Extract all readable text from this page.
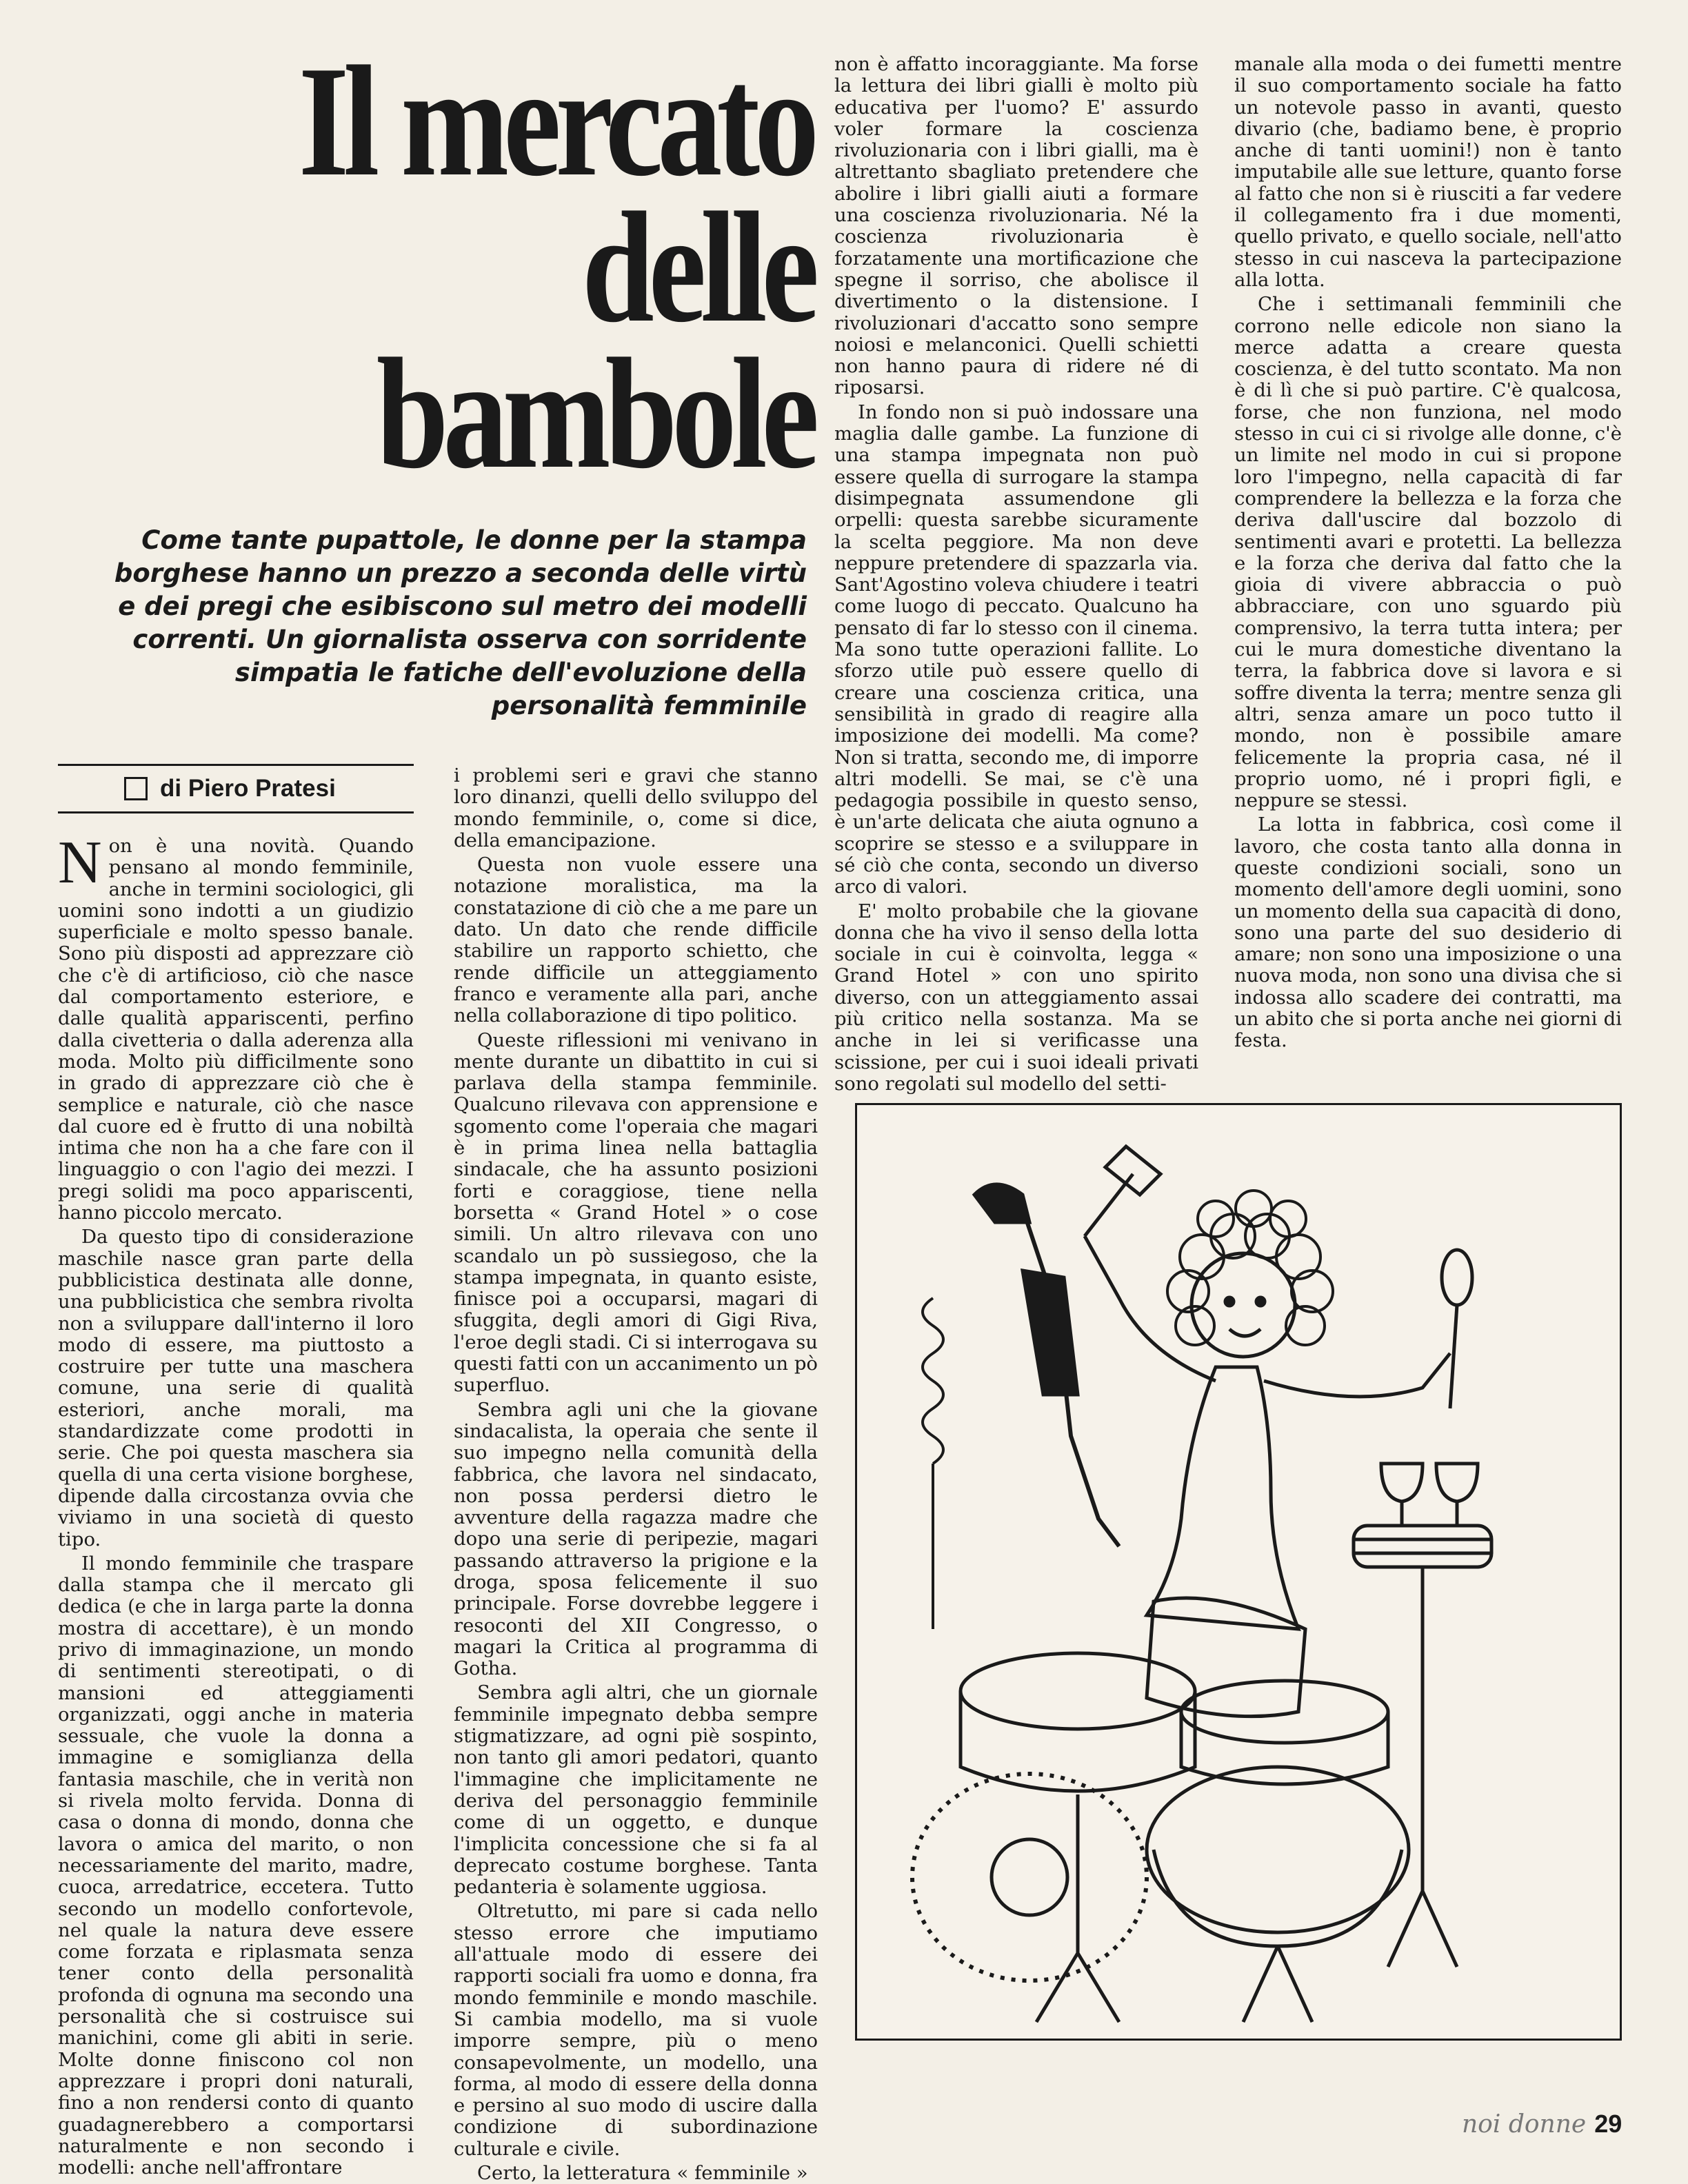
Il mercato
delle
bambole
Come tante pupattole, le donne per la stampa borghese hanno un prezzo a seconda delle virtù e dei pregi che esibiscono sul metro dei modelli correnti. Un giornalista osserva con sorridente simpatia le fatiche dell'evoluzione della personalità femminile
di Piero Pratesi

Non è una novità. Quando pensano al mondo femminile, anche in termini sociologici, gli uomini sono indotti a un giudizio superficiale e molto spesso banale. Sono più disposti ad apprezzare ciò che c'è di artificioso, ciò che nasce dal comportamento esteriore, e dalle qualità appariscenti, perfino dalla civetteria o dalla aderenza alla moda. Molto più difficilmente sono in grado di apprezzare ciò che è semplice e naturale, ciò che nasce dal cuore ed è frutto di una nobiltà intima che non ha a che fare con il linguaggio o con l'agio dei mezzi. I pregi solidi ma poco appariscenti, hanno piccolo mercato.

Da questo tipo di considerazione maschile nasce gran parte della pubblicistica destinata alle donne, una pubblicistica che sembra rivolta non a sviluppare dall'interno il loro modo di essere, ma piuttosto a costruire per tutte una maschera comune, una serie di qualità esteriori, anche morali, ma standardizzate come prodotti in serie. Che poi questa maschera sia quella di una certa visione borghese, dipende dalla circostanza ovvia che viviamo in una società di questo tipo.

Il mondo femminile che traspare dalla stampa che il mercato gli dedica (e che in larga parte la donna mostra di accettare), è un mondo privo di immaginazione, un mondo di sentimenti stereotipati, o di mansioni ed atteggiamenti organizzati, oggi anche in materia sessuale, che vuole la donna a immagine e somiglianza della fantasia maschile, che in verità non si rivela molto fervida. Donna di casa o donna di mondo, donna che lavora o amica del marito, o non necessariamente del marito, madre, cuoca, arredatrice, eccetera. Tutto secondo un modello confortevole, nel quale la natura deve essere come forzata e riplasmata senza tener conto della personalità profonda di ognuna ma secondo una personalità che si costruisce sui manichini, come gli abiti in serie. Molte donne finiscono col non apprezzare i propri doni naturali, fino a non rendersi conto di quanto guadagnerebbero a comportarsi naturalmente e non secondo i modelli: anche nell'affrontare

i problemi seri e gravi che stanno loro dinanzi, quelli dello sviluppo del mondo femminile, o, come si dice, della emancipazione.

Questa non vuole essere una notazione moralistica, ma la constatazione di ciò che a me pare un dato. Un dato che rende difficile stabilire un rapporto schietto, che rende difficile un atteggiamento franco e veramente alla pari, anche nella collaborazione di tipo politico.

Queste riflessioni mi venivano in mente durante un dibattito in cui si parlava della stampa femminile. Qualcuno rilevava con apprensione e sgomento come l'operaia che magari è in prima linea nella battaglia sindacale, che ha assunto posizioni forti e coraggiose, tiene nella borsetta « Grand Hotel » o cose simili. Un altro rilevava con uno scandalo un pò sussiegoso, che la stampa impegnata, in quanto esiste, finisce poi a occuparsi, magari di sfuggita, degli amori di Gigi Riva, l'eroe degli stadi. Ci si interrogava su questi fatti con un accanimento un pò superfluo.

Sembra agli uni che la giovane sindacalista, la operaia che sente il suo impegno nella comunità della fabbrica, che lavora nel sindacato, non possa perdersi dietro le avventure della ragazza madre che dopo una serie di peripezie, magari passando attraverso la prigione e la droga, sposa felicemente il suo principale. Forse dovrebbe leggere i resoconti del XII Congresso, o magari la Critica al programma di Gotha.

Sembra agli altri, che un giornale femminile impegnato debba sempre stigmatizzare, ad ogni piè sospinto, non tanto gli amori pedatori, quanto l'immagine che implicitamente ne deriva del personaggio femminile come di un oggetto, e dunque l'implicita concessione che si fa al deprecato costume borghese. Tanta pedanteria è solamente uggiosa.

Oltretutto, mi pare si cada nello stesso errore che imputiamo all'attuale modo di essere dei rapporti sociali fra uomo e donna, fra mondo femminile e mondo maschile. Si cambia modello, ma si vuole imporre sempre, più o meno consapevolmente, un modello, una forma, al modo di essere della donna e persino al suo modo di uscire dalla condizione di subordinazione culturale e civile.

Certo, la letteratura « femminile »

non è affatto incoraggiante. Ma forse la lettura dei libri gialli è molto più educativa per l'uomo? E' assurdo voler formare la coscienza rivoluzionaria con i libri gialli, ma è altrettanto sbagliato pretendere che abolire i libri gialli aiuti a formare una coscienza rivoluzionaria. Né la coscienza rivoluzionaria è forzatamente una mortificazione che spegne il sorriso, che abolisce il divertimento o la distensione. I rivoluzionari d'accatto sono sempre noiosi e melanconici. Quelli schietti non hanno paura di ridere né di riposarsi.

In fondo non si può indossare una maglia dalle gambe. La funzione di una stampa impegnata non può essere quella di surrogare la stampa disimpegnata assumendone gli orpelli: questa sarebbe sicuramente la scelta peggiore. Ma non deve neppure pretendere di spazzarla via. Sant'Agostino voleva chiudere i teatri come luogo di peccato. Qualcuno ha pensato di far lo stesso con il cinema. Ma sono tutte operazioni fallite. Lo sforzo utile può essere quello di creare una coscienza critica, una sensibilità in grado di reagire alla imposizione dei modelli. Ma come? Non si tratta, secondo me, di imporre altri modelli. Se mai, se c'è una pedagogia possibile in questo senso, è un'arte delicata che aiuta ognuno a scoprire se stesso e a sviluppare in sé ciò che conta, secondo un diverso arco di valori.

E' molto probabile che la giovane donna che ha vivo il senso della lotta sociale in cui è coinvolta, legga « Grand Hotel » con uno spirito diverso, con un atteggiamento assai più critico nella sostanza. Ma se anche in lei si verificasse una scissione, per cui i suoi ideali privati sono regolati sul modello del setti-

manale alla moda o dei fumetti mentre il suo comportamento sociale ha fatto un notevole passo in avanti, questo divario (che, badiamo bene, è proprio anche di tanti uomini!) non è tanto imputabile alle sue letture, quanto forse al fatto che non si è riusciti a far vedere il collegamento fra i due momenti, quello privato, e quello sociale, nell'atto stesso in cui nasceva la partecipazione alla lotta.

Che i settimanali femminili che corrono nelle edicole non siano la merce adatta a creare questa coscienza, è del tutto scontato. Ma non è di lì che si può partire. C'è qualcosa, forse, che non funziona, nel modo stesso in cui ci si rivolge alle donne, c'è un limite nel modo in cui si propone loro l'impegno, nella capacità di far comprendere la bellezza e la forza che deriva dall'uscire dal bozzolo di sentimenti avari e protetti. La bellezza e la forza che deriva dal fatto che la gioia di vivere abbraccia o può abbracciare, con uno sguardo più comprensivo, la terra tutta intera; per cui le mura domestiche diventano la terra, la fabbrica dove si lavora e si soffre diventa la terra; mentre senza gli altri, senza amare un poco tutto il mondo, non è possibile amare felicemente la propria casa, né il proprio uomo, né i propri figli, e neppure se stessi.

La lotta in fabbrica, così come il lavoro, che costa tanto alla donna in queste condizioni sociali, sono un momento dell'amore degli uomini, sono un momento della sua capacità di dono, sono una parte del suo desiderio di amare; non sono una imposizione o una nuova moda, non sono una divisa che si indossa allo scadere dei contratti, ma un abito che si porta anche nei giorni di festa.

noi donne 29
